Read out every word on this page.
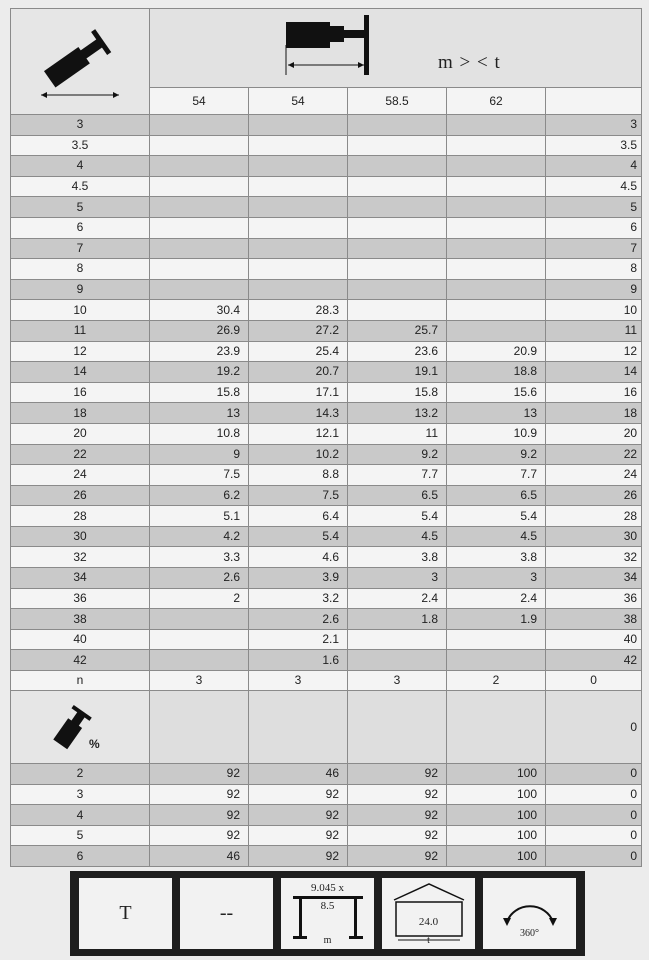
m > < t				

	54	54	58.5	62	
3					3
3.5					3.5
4					4
4.5					4.5
5					5
6					6
7					7
8					8
9					9
10	30.4	28.3			10
11	26.9	27.2	25.7		11
12	23.9	25.4	23.6	20.9	12
14	19.2	20.7	19.1	18.8	14
16	15.8	17.1	15.8	15.6	16
18	13	14.3	13.2	13	18
20	10.8	12.1	11	10.9	20
22	9	10.2	9.2	9.2	22
24	7.5	8.8	7.7	7.7	24
26	6.2	7.5	6.5	6.5	26
28	5.1	6.4	5.4	5.4	28
30	4.2	5.4	4.5	4.5	30
32	3.3	4.6	3.8	3.8	32
34	2.6	3.9	3	3	34
36	2	3.2	2.4	2.4	36
38		2.6	1.8	1.9	38
40		2.1			40
42		1.6			42
n	3	3	3	2	0

%					0
2	92	46	92	100	0
3	92	92	92	100	0
4	92	92	92	100	0
5	92	92	92	100	0
6	46	92	92	100	0
T	--
9.045 x
8.5
m
24.0
t
360°
